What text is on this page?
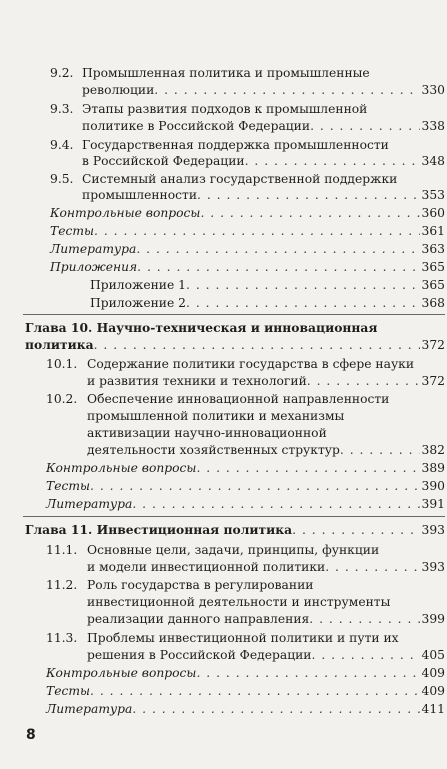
9.2. Промышленная политика и промышленные
революции . . .	330
9.3. Этапы развития подходов к промышленной
политике в Российской Федерации . . .	338
9.4. Государственная поддержка промышленности
в Российской Федерации . . .	348
9.5. Системный анализ государственной поддержки
промышленности . . .	353
Контрольные вопросы . . .	360
Тесты . . .	361
Литература . . .	363
Приложения . . .	365
Приложение 1 . . .	365
Приложение 2 . . .	368
Глава 10. Научно-техническая и инновационная
политика . . .	372
10.1. Содержание политики государства в сфере науки
и развития техники и технологий . . .	372
10.2. Обеспечение инновационной направленности
промышленной политики и механизмы
активизации научно-инновационной
деятельности хозяйственных структур . . .	382
Контрольные вопросы . . .	389
Тесты . . .	390
Литература . . .	391
Глава 11. Инвестиционная политика . . .	393
11.1. Основные цели, задачи, принципы, функции
и модели инвестиционной политики . . .	393
11.2. Роль государства в регулировании
инвестиционной деятельности и инструменты
реализации данного направления . . .	399
11.3. Проблемы инвестиционной политики и пути их
решения в Российской Федерации . . .	405
Контрольные вопросы . . .	409
Тесты . . .	409
Литература . . .	411
8
